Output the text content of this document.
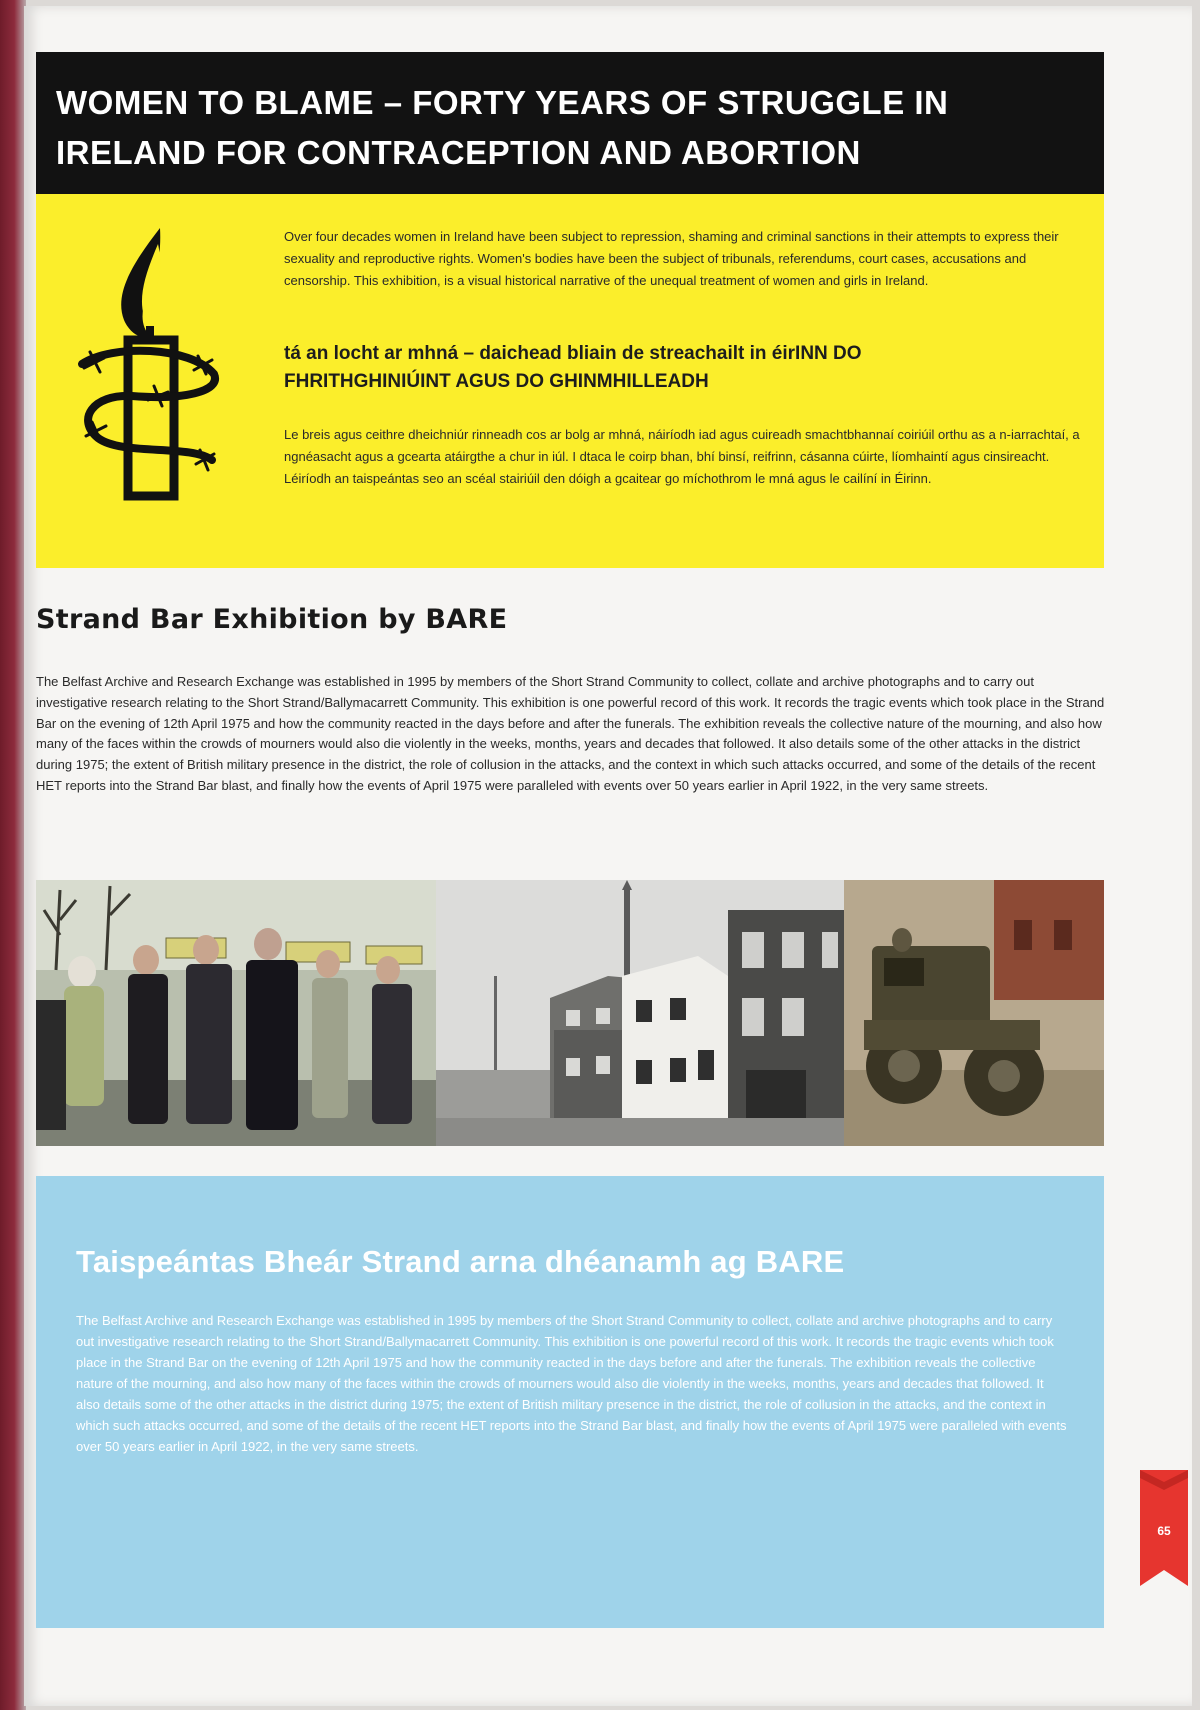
WOMEN TO BLAME – FORTY YEARS OF STRUGGLE IN
IRELAND FOR CONTRACEPTION AND ABORTION

Over four decades women in Ireland have been subject to repression, shaming and criminal sanctions in their attempts to express their sexuality and reproductive rights. Women's bodies have been the subject of tribunals, referendums, court cases, accusations and censorship. This exhibition, is a visual historical narrative of the unequal treatment of women and girls in Ireland.

tá an locht ar mhná – daichead bliain de streachailt in éirINN DO
FHRITHGHINIÚINT AGUS DO GHINMHILLEADH

Le breis agus ceithre dheichniúr rinneadh cos ar bolg ar mhná, náiríodh iad agus cuireadh smachtbhannaí coiriúil orthu as a n-iarrachtaí, a ngnéasacht agus a gcearta atáirgthe a chur in iúl. I dtaca le coirp bhan, bhí binsí, reifrinn, cásanna cúirte, líomhaintí agus cinsireacht. Léiríodh an taispeántas seo an scéal stairiúil den dóigh a gcaitear go míchothrom le mná agus le cailíní in Éirinn.

Strand Bar Exhibition by BARE

The Belfast Archive and Research Exchange was established in 1995 by members of the Short Strand Community to collect, collate and archive photographs and to carry out investigative research relating to the Short Strand/Ballymacarrett Community. This exhibition is one powerful record of this work. It records the tragic events which took place in the Strand Bar on the evening of 12th April 1975 and how the community reacted in the days before and after the funerals. The exhibition reveals the collective nature of the mourning, and also how many of the faces within the crowds of mourners would also die violently in the weeks, months, years and decades that followed. It also details some of the other attacks in the district during 1975; the extent of British military presence in the district, the role of collusion in the attacks, and the context in which such attacks occurred, and some of the details of the recent HET reports into the Strand Bar blast, and finally how the events of April 1975 were paralleled with events over 50 years earlier in April 1922, in the very same streets.

Taispeántas Bheár Strand arna dhéanamh ag BARE

The Belfast Archive and Research Exchange was established in 1995 by members of the Short Strand Community to collect, collate and archive photographs and to carry out investigative research relating to the Short Strand/Ballymacarrett Community. This exhibition is one powerful record of this work. It records the tragic events which took place in the Strand Bar on the evening of 12th April 1975 and how the community reacted in the days before and after the funerals. The exhibition reveals the collective nature of the mourning, and also how many of the faces within the crowds of mourners would also die violently in the weeks, months, years and decades that followed. It also details some of the other attacks in the district during 1975; the extent of British military presence in the district, the role of collusion in the attacks, and the context in which such attacks occurred, and some of the details of the recent HET reports into the Strand Bar blast, and finally how the events of April 1975 were paralleled with events over 50 years earlier in April 1922, in the very same streets.

65
